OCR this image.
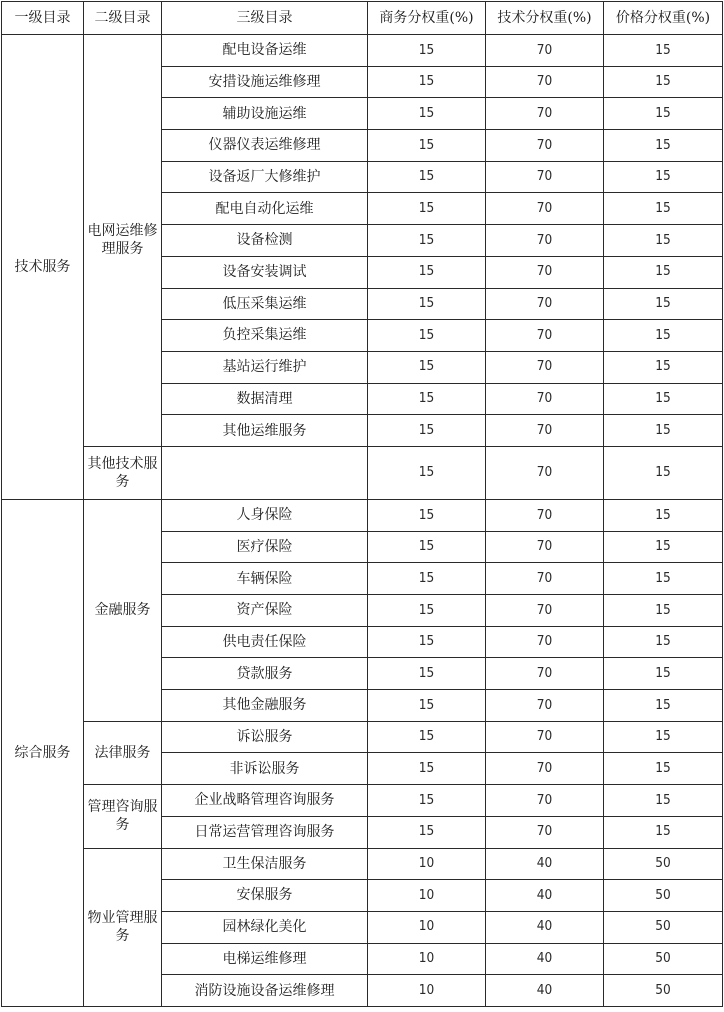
一级目录	二级目录	三级目录	商务分权重(%)	技术分权重(%)	价格分权重(%)
技术服务	电网运维修理服务	配电设备运维	15	70	15
		安措设施运维修理	15	70	15
		辅助设施运维	15	70	15
		仪器仪表运维修理	15	70	15
		设备返厂大修维护	15	70	15
		配电自动化运维	15	70	15
		设备检测	15	70	15
		设备安装调试	15	70	15
		低压采集运维	15	70	15
		负控采集运维	15	70	15
		基站运行维护	15	70	15
		数据清理	15	70	15
		其他运维服务	15	70	15
	其他技术服务		15	70	15
综合服务	金融服务	人身保险	15	70	15
		医疗保险	15	70	15
		车辆保险	15	70	15
		资产保险	15	70	15
		供电责任保险	15	70	15
		贷款服务	15	70	15
		其他金融服务	15	70	15
	法律服务	诉讼服务	15	70	15
		非诉讼服务	15	70	15
	管理咨询服务	企业战略管理咨询服务	15	70	15
		日常运营管理咨询服务	15	70	15
	物业管理服务	卫生保洁服务	10	40	50
		安保服务	10	40	50
		园林绿化美化	10	40	50
		电梯运维修理	10	40	50
		消防设施设备运维修理	10	40	50
